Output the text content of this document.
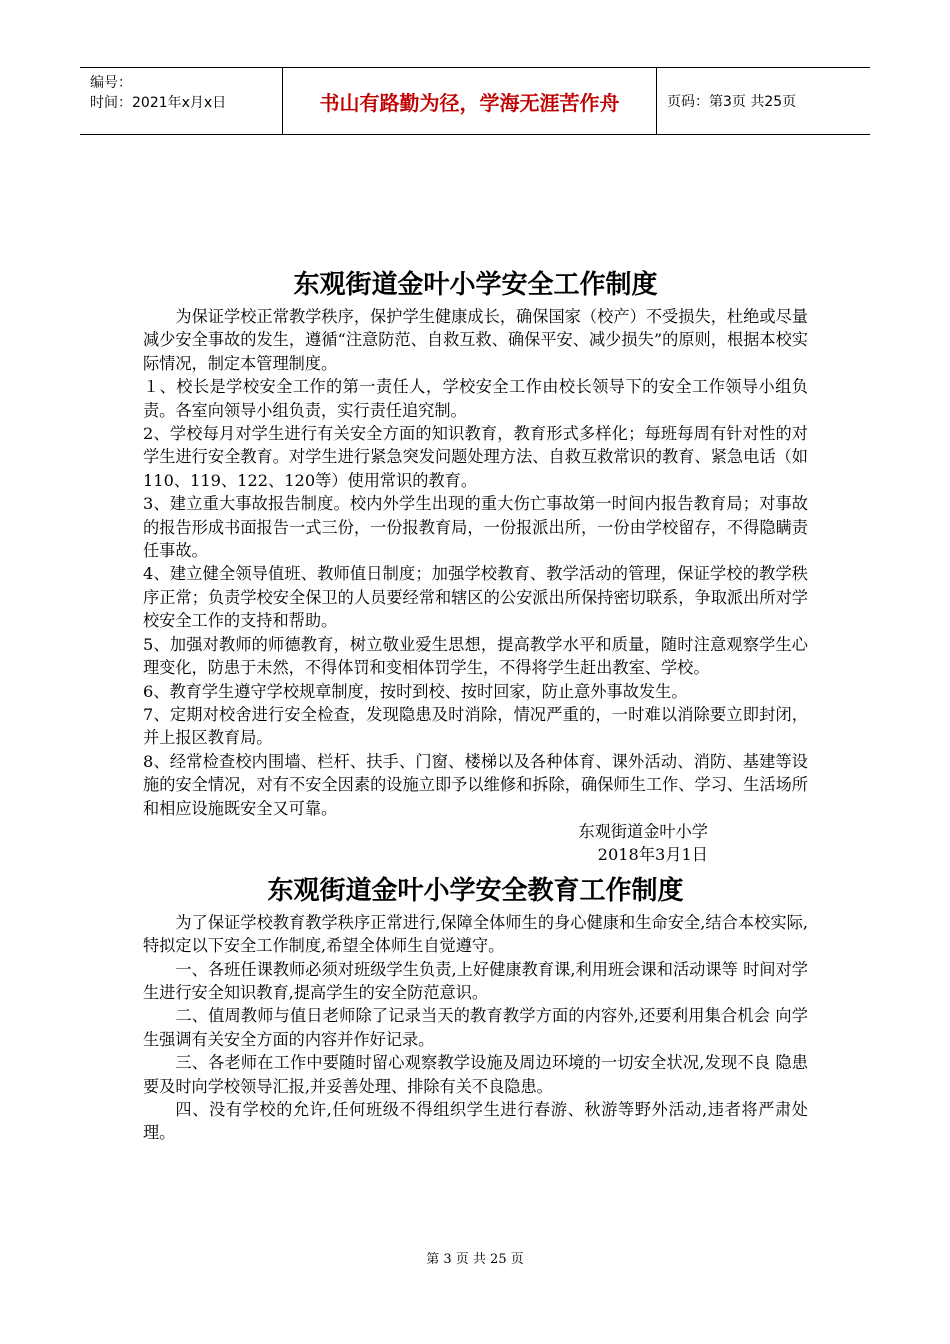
编号：
时间：2021年x月x日	书山有路勤为径，学海无涯苦作舟	页码：第3页 共25页
东观街道金叶小学安全工作制度

为保证学校正常教学秩序，保护学生健康成长，确保国家（校产）不受损失，杜绝或尽量减少安全事故的发生，遵循“注意防范、自救互救、确保平安、减少损失”的原则，根据本校实际情况，制定本管理制度。

１、校长是学校安全工作的第一责任人，学校安全工作由校长领导下的安全工作领导小组负责。各室向领导小组负责，实行责任追究制。

2、学校每月对学生进行有关安全方面的知识教育，教育形式多样化；每班每周有针对性的对学生进行安全教育。对学生进行紧急突发问题处理方法、自救互救常识的教育、紧急电话（如110、119、122、120等）使用常识的教育。

3、建立重大事故报告制度。校内外学生出现的重大伤亡事故第一时间内报告教育局；对事故的报告形成书面报告一式三份，一份报教育局，一份报派出所，一份由学校留存，不得隐瞒责任事故。

4、建立健全领导值班、教师值日制度；加强学校教育、教学活动的管理，保证学校的教学秩序正常；负责学校安全保卫的人员要经常和辖区的公安派出所保持密切联系，争取派出所对学校安全工作的支持和帮助。

5、加强对教师的师德教育，树立敬业爱生思想，提高教学水平和质量，随时注意观察学生心理变化，防患于未然，不得体罚和变相体罚学生，不得将学生赶出教室、学校。

6、教育学生遵守学校规章制度，按时到校、按时回家，防止意外事故发生。

7、定期对校舍进行安全检查，发现隐患及时消除，情况严重的，一时难以消除要立即封闭，并上报区教育局。

8、经常检查校内围墙、栏杆、扶手、门窗、楼梯以及各种体育、课外活动、消防、基建等设施的安全情况，对有不安全因素的设施立即予以维修和拆除，确保师生工作、学习、生活场所和相应设施既安全又可靠。

东观街道金叶小学
2018年3月1日
东观街道金叶小学安全教育工作制度

为了保证学校教育教学秩序正常进行,保障全体师生的身心健康和生命安全,结合本校实际,特拟定以下安全工作制度,希望全体师生自觉遵守。

一、各班任课教师必须对班级学生负责,上好健康教育课,利用班会课和活动课等 时间对学生进行安全知识教育,提高学生的安全防范意识。

二、值周教师与值日老师除了记录当天的教育教学方面的内容外,还要利用集合机会 向学生强调有关安全方面的内容并作好记录。

三、各老师在工作中要随时留心观察教学设施及周边环境的一切安全状况,发现不良 隐患要及时向学校领导汇报,并妥善处理、排除有关不良隐患。

四、没有学校的允许,任何班级不得组织学生进行春游、秋游等野外活动,违者将严肃处理。

第 3 页 共 25 页
